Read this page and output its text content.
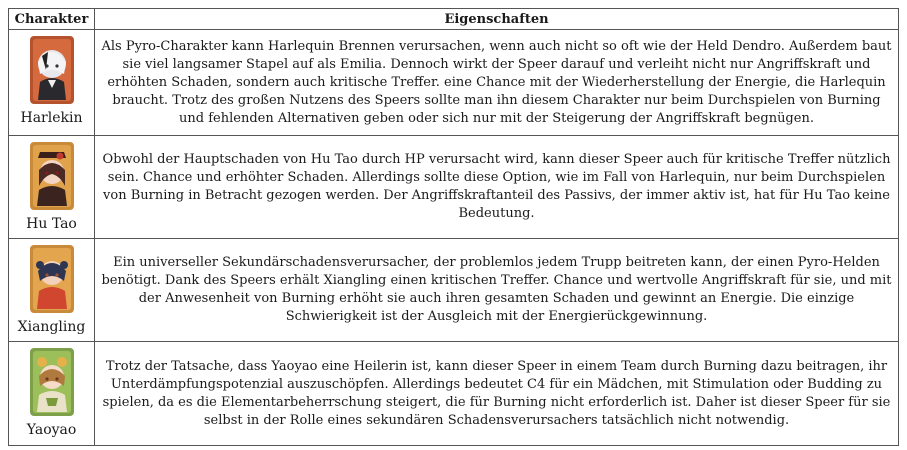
Charakter	Eigenschaften

Harlekin	Als Pyro-Charakter kann Harlequin Brennen verursachen, wenn auch nicht so oft wie der Held Dendro. Außerdem baut sie viel langsamer Stapel auf als Emilia. Dennoch wirkt der Speer darauf und verleiht nicht nur Angriffskraft und erhöhten Schaden, sondern auch kritische Treffer. eine Chance mit der Wiederherstellung der Energie, die Harlequin braucht. Trotz des großen Nutzens des Speers sollte man ihn diesem Charakter nur beim Durchspielen von Burning und fehlenden Alternativen geben oder sich nur mit der Steigerung der Angriffskraft begnügen.

Hu Tao	Obwohl der Hauptschaden von Hu Tao durch HP verursacht wird, kann dieser Speer auch für kritische Treffer nützlich sein. Chance und erhöhter Schaden. Allerdings sollte diese Option, wie im Fall von Harlequin, nur beim Durchspielen von Burning in Betracht gezogen werden. Der Angriffskraftanteil des Passivs, der immer aktiv ist, hat für Hu Tao keine Bedeutung.

Xiangling	Ein universeller Sekundärschadensverursacher, der problemlos jedem Trupp beitreten kann, der einen Pyro-Helden benötigt. Dank des Speers erhält Xiangling einen kritischen Treffer. Chance und wertvolle Angriffskraft für sie, und mit der Anwesenheit von Burning erhöht sie auch ihren gesamten Schaden und gewinnt an Energie. Die einzige Schwierigkeit ist der Ausgleich mit der Energierückgewinnung.

Yaoyao	Trotz der Tatsache, dass Yaoyao eine Heilerin ist, kann dieser Speer in einem Team durch Burning dazu beitragen, ihr Unterdämpfungspotenzial auszuschöpfen. Allerdings bedeutet C4 für ein Mädchen, mit Stimulation oder Budding zu spielen, da es die Elementarbeherrschung steigert, die für Burning nicht erforderlich ist. Daher ist dieser Speer für sie selbst in der Rolle eines sekundären Schadensverursachers tatsächlich nicht notwendig.
